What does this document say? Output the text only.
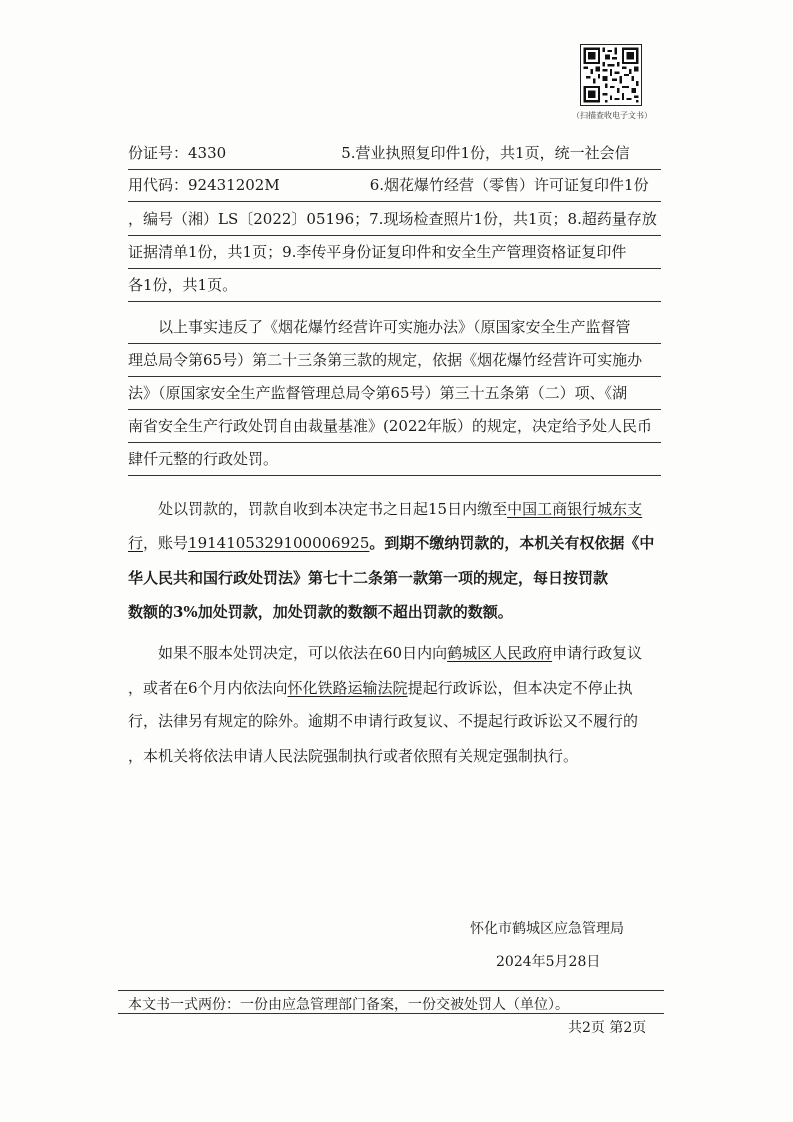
（扫描查收电子文书）
份证号：4330	5.营业执照复印件1份，共1页，统一社会信
用代码：92431202M	6.烟花爆竹经营（零售）许可证复印件1份
，编号（湘）LS〔2022〕05196；7.现场检查照片1份，共1页；8.超药量存放
证据清单1份，共1页；9.李传平身份证复印件和安全生产管理资格证复印件
各1份，共1页。
以上事实违反了《烟花爆竹经营许可实施办法》（原国家安全生产监督管
理总局令第65号）第二十三条第三款的规定，依据《烟花爆竹经营许可实施办
法》（原国家安全生产监督管理总局令第65号）第三十五条第（二）项、《湖
南省安全生产行政处罚自由裁量基准》(2022年版）的规定，决定给予处人民币
肆仟元整的行政处罚。
处以罚款的，罚款自收到本决定书之日起15日内缴至中国工商银行城东支
行，账号1914105329100006925。到期不缴纳罚款的，本机关有权依据《中
华人民共和国行政处罚法》第七十二条第一款第一项的规定，每日按罚款
数额的3%加处罚款，加处罚款的数额不超出罚款的数额。
如果不服本处罚决定，可以依法在60日内向鹤城区人民政府申请行政复议
，或者在6个月内依法向怀化铁路运输法院提起行政诉讼，但本决定不停止执
行，法律另有规定的除外。逾期不申请行政复议、不提起行政诉讼又不履行的
，本机关将依法申请人民法院强制执行或者依照有关规定强制执行。
怀化市鹤城区应急管理局
2024年5月28日
本文书一式两份：一份由应急管理部门备案，一份交被处罚人（单位）。
共2页 第2页
